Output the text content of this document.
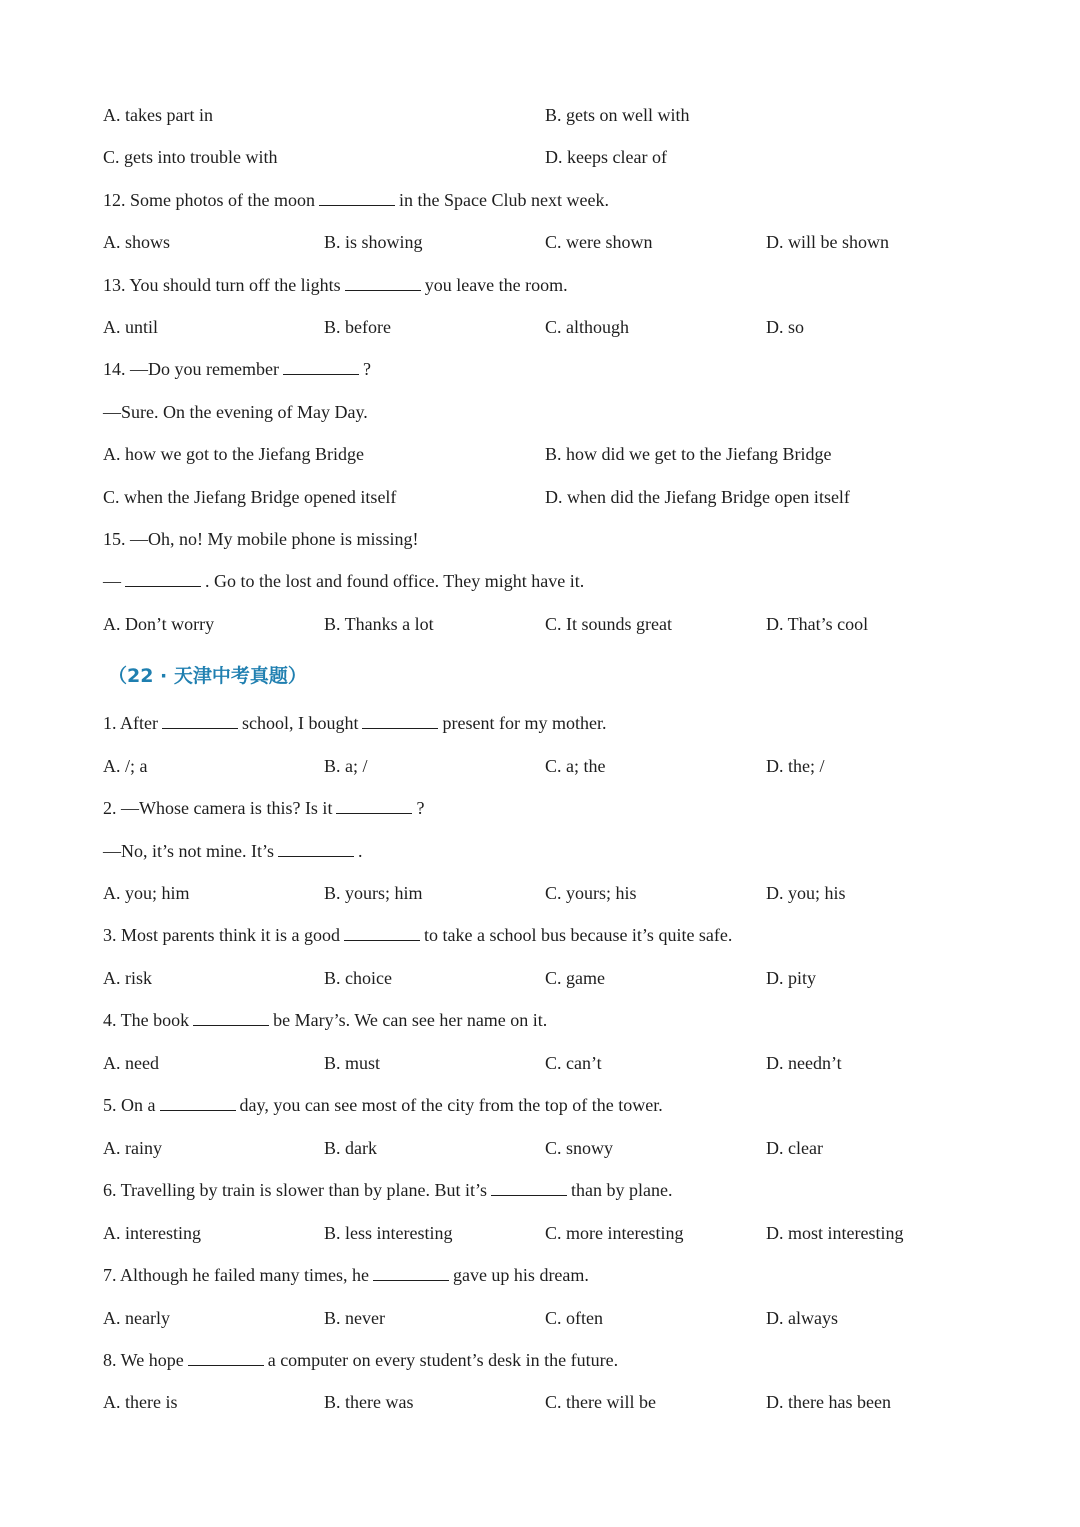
A. takes part in	B. gets on well with
C. gets into trouble with	D. keeps clear of
12. Some photos of the moon	in the Space Club next week.
A. shows	B. is showing	C. were shown	D. will be shown
13. You should turn off the lights	you leave the room.
A. until	B. before	C. although	D. so
14. —Do you remember	?
—Sure. On the evening of May Day.
A. how we got to the Jiefang Bridge	B. how did we get to the Jiefang Bridge
C. when the Jiefang Bridge opened itself	D. when did the Jiefang Bridge open itself
15. —Oh, no! My mobile phone is missing!
—	. Go to the lost and found office. They might have it.
A. Don’t worry	B. Thanks a lot	C. It sounds great	D. That’s cool
（22 · 天津中考真题）
1. After	school, I bought	present for my mother.
A. /; a	B. a; /	C. a; the	D. the; /
2. —Whose camera is this? Is it	?
—No, it’s not mine. It’s	.
A. you; him	B. yours; him	C. yours; his	D. you; his
3. Most parents think it is a good	to take a school bus because it’s quite safe.
A. risk	B. choice	C. game	D. pity
4. The book	be Mary’s. We can see her name on it.
A. need	B. must	C. can’t	D. needn’t
5. On a	day, you can see most of the city from the top of the tower.
A. rainy	B. dark	C. snowy	D. clear
6. Travelling by train is slower than by plane. But it’s	than by plane.
A. interesting	B. less interesting	C. more interesting	D. most interesting
7. Although he failed many times, he	gave up his dream.
A. nearly	B. never	C. often	D. always
8. We hope	a computer on every student’s desk in the future.
A. there is	B. there was	C. there will be	D. there has been
